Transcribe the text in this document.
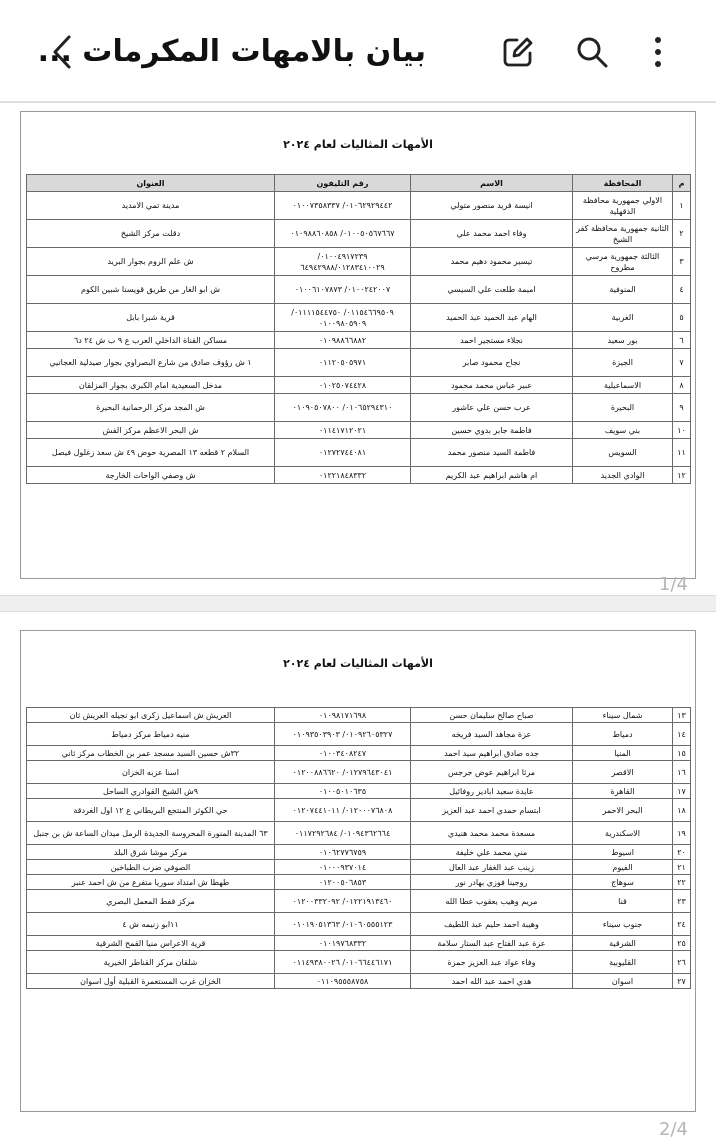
بيان بالامهات المكرمات ...
الأمهات المثاليات لعام ٢٠٢٤
م	المحافظة	الاسم	رقم التليفون	العنوان
١	الاولي جمهورية محافظة الدقهلية	انيسة فريد منصور متولي	٠١٠٦٢٩٢٩٤٤٢/ ٠١٠٠٧٣٥٨٣٣٧	مدينة تمي الامديد
٢	الثانية جمهورية محافظة كفر الشيخ	وفاء احمد محمد علي	٠١٠٠٥٠٥٦٧٦٦٧/ ٠١٠٩٨٨٦٠٨٥٨	دقلت مركز الشيخ
٣	الثالثة جمهورية مرسي مطروح	تيسير محمود دهيم محمد	٠١٠٠٤٩١٧٢٣٩/ ٦٤٩٤٢٩٨٨/٠١٢٨٣٤١٠٠٢٩	ش علم الروم بجوار البريد
٤	المنوفية	اميمة طلعت علي السيسي	٠١٠٠٢٤٢٠٠٧/ ٠١٠٠٦١٠٧٨٧٣	ش ابو الغار من طريق قويسنا شبين الكوم
٥	الغربية	الهام عبد الحميد عبد الحميد	٠١١٥٤٦٦٩٥٠٩/ ٠١١١١٥٤٤٧٥٠/ ٠١٠٠٩٨٠٥٩٠٩	قرية شبرا بابل
٦	بور سعيد	نجلاء مستجير احمد	٠١٠٩٨٨٦٦٨٨٢	مساكن القناة الداخلي العرب ع ٩ ب ش ٢٤ د٦
٧	الجيزة	نجاح محمود صابر	٠١١٢٠٥٠٥٩٧١	١ ش رؤوف صادق من شارع البصراوي بجوار صيدلية العجاتيي
٨	الاسماعيلية	عبير عباس محمد محمود	٠١٠٢٥٠٧٤٤٢٨	مدخل السعيدية امام الكبرى بجوار المزلقان
٩	البحيرة	عرب حسن علي عاشور	٠١٠٦٥٢٩٤٣١٠/ ٠١٠٩٠٥٠٧٨٠٠	ش المجد مركز الرحمانية البحيرة
١٠	بني سويف	فاطمة جابر بدوي حسين	٠١١٤١٧١٢٠٢١	ش البحر الاعظم مركز الفش
١١	السويس	فاطمة السيد منصور محمد	٠١٢٧٢٧٤٤٠٨١	السلام ٢ قطعه ١٣ المصرية حوض ٤٩ ش سعد زغلول فيصل
١٢	الوادي الجديد	ام هاشم ابراهيم عبد الكريم	٠١٢٢١٨٤٨٣٣٢	ش وصفي الواحات الخارجة
1/4
الأمهات المثاليات لعام ٢٠٢٤
١٣	شمال سيناء	صباح صالح سليمان حسن	٠١٠٩٨١٧١٦٩٨	العريش ش اسماعيل زكرى ابو نجيله العريش ثان
١٤	دمياط	عزة مجاهد السيد فريخه	٠١٠٩٢٦٠٥٣٢٧/ ٠١٠٩٣٥٠٣٩٠٣	منيه دمياط مركز دمياط
١٥	المنيا	جده صادق ابراهيم سيد احمد	٠١٠٠٣٤٠٨٢٤٧	٣٢ش حسين السيد مسجد عمر بن الخطاب مركز ثاني
١٦	الاقصر	مرثا ابراهيم عوض جرجس	٠١٢٧٩٦٤٣٠٤١/ ٠١٢٠٠٨٨٦٦٢٠	اسنا عزبه الخزان
١٧	القاهرة	عايدة سعيد ابادير روفائيل	٠١٠٠٥٠١٠٦٣٥	٩ش الشيخ القوادري الساحل
١٨	البحر الاحمر	ابتسام حمدي احمد عبد العزيز	٠١٢٠٠٠٧٦٨٠٨/ ٠١٢٠٧٤٤١٠١١	حي الكوثر المنتجع البريطاني ع ١٢ اول الغردقة
١٩	الاسكندرية	مسعدة محمد محمد هنيدي	٠١٠٩٤٣٦٢٦٦٤/ ٠١١٧٢٩٢٦٨٤	٦٣ المدينة المنورة المحروسة الجديدة الرمل ميدان الساعة ش بن جنبل
٢٠	اسيوط	مني محمد علي خليفة	٠١٠٦٢٧٧٦٧٥٩	مركز موشا شرق البلد
٢١	الفيوم	زينب عبد الغفار عبد العال	٠١٠٠٠٩٣٧٠١٤	الصوفي ضرب الطباخين
٢٢	سوهاج	روجينا فوزي بهادر نور	٠١٢٠٠٥٠٦٨٥٣	طهطا ش امتداد سوريا متفرع من ش احمد عنبر
٢٣	قنا	مريم وهيب يعقوب عطا الله	٠١٢٢١٩١٣٤٦٠/ ٠١٢٠٠٣٣٢٠٩٢	مركز قفط المعمل البصري
٢٤	جنوب سيناء	وهيبة احمد حليم عبد اللطيف	٠١٠٦٠٥٥٥١٢٣/ ٠١٠١٩٠٥١٣٦٣	١١ابو زنيمه ش ٤
٢٥	الشرقية	عزة عبد الفتاح عبد الستار سلامة	٠١٠١٩٧٦٨٣٣٢	قرية الاعراس منيا القمح الشرقية
٢٦	القليوبية	وفاء عواد عبد العزيز حمزة	٠١٠٦٦٤٤٦١٧١/ ٠١١٤٩٣٨٠٠٢٦	شلقان مركز القناطر الخيرية
٢٧	اسوان	هدي احمد عبد الله احمد	٠١١٠٩٥٥٥٨٧٥٨	الخزان غرب المستعمرة القبلية أول اسوان
2/4
